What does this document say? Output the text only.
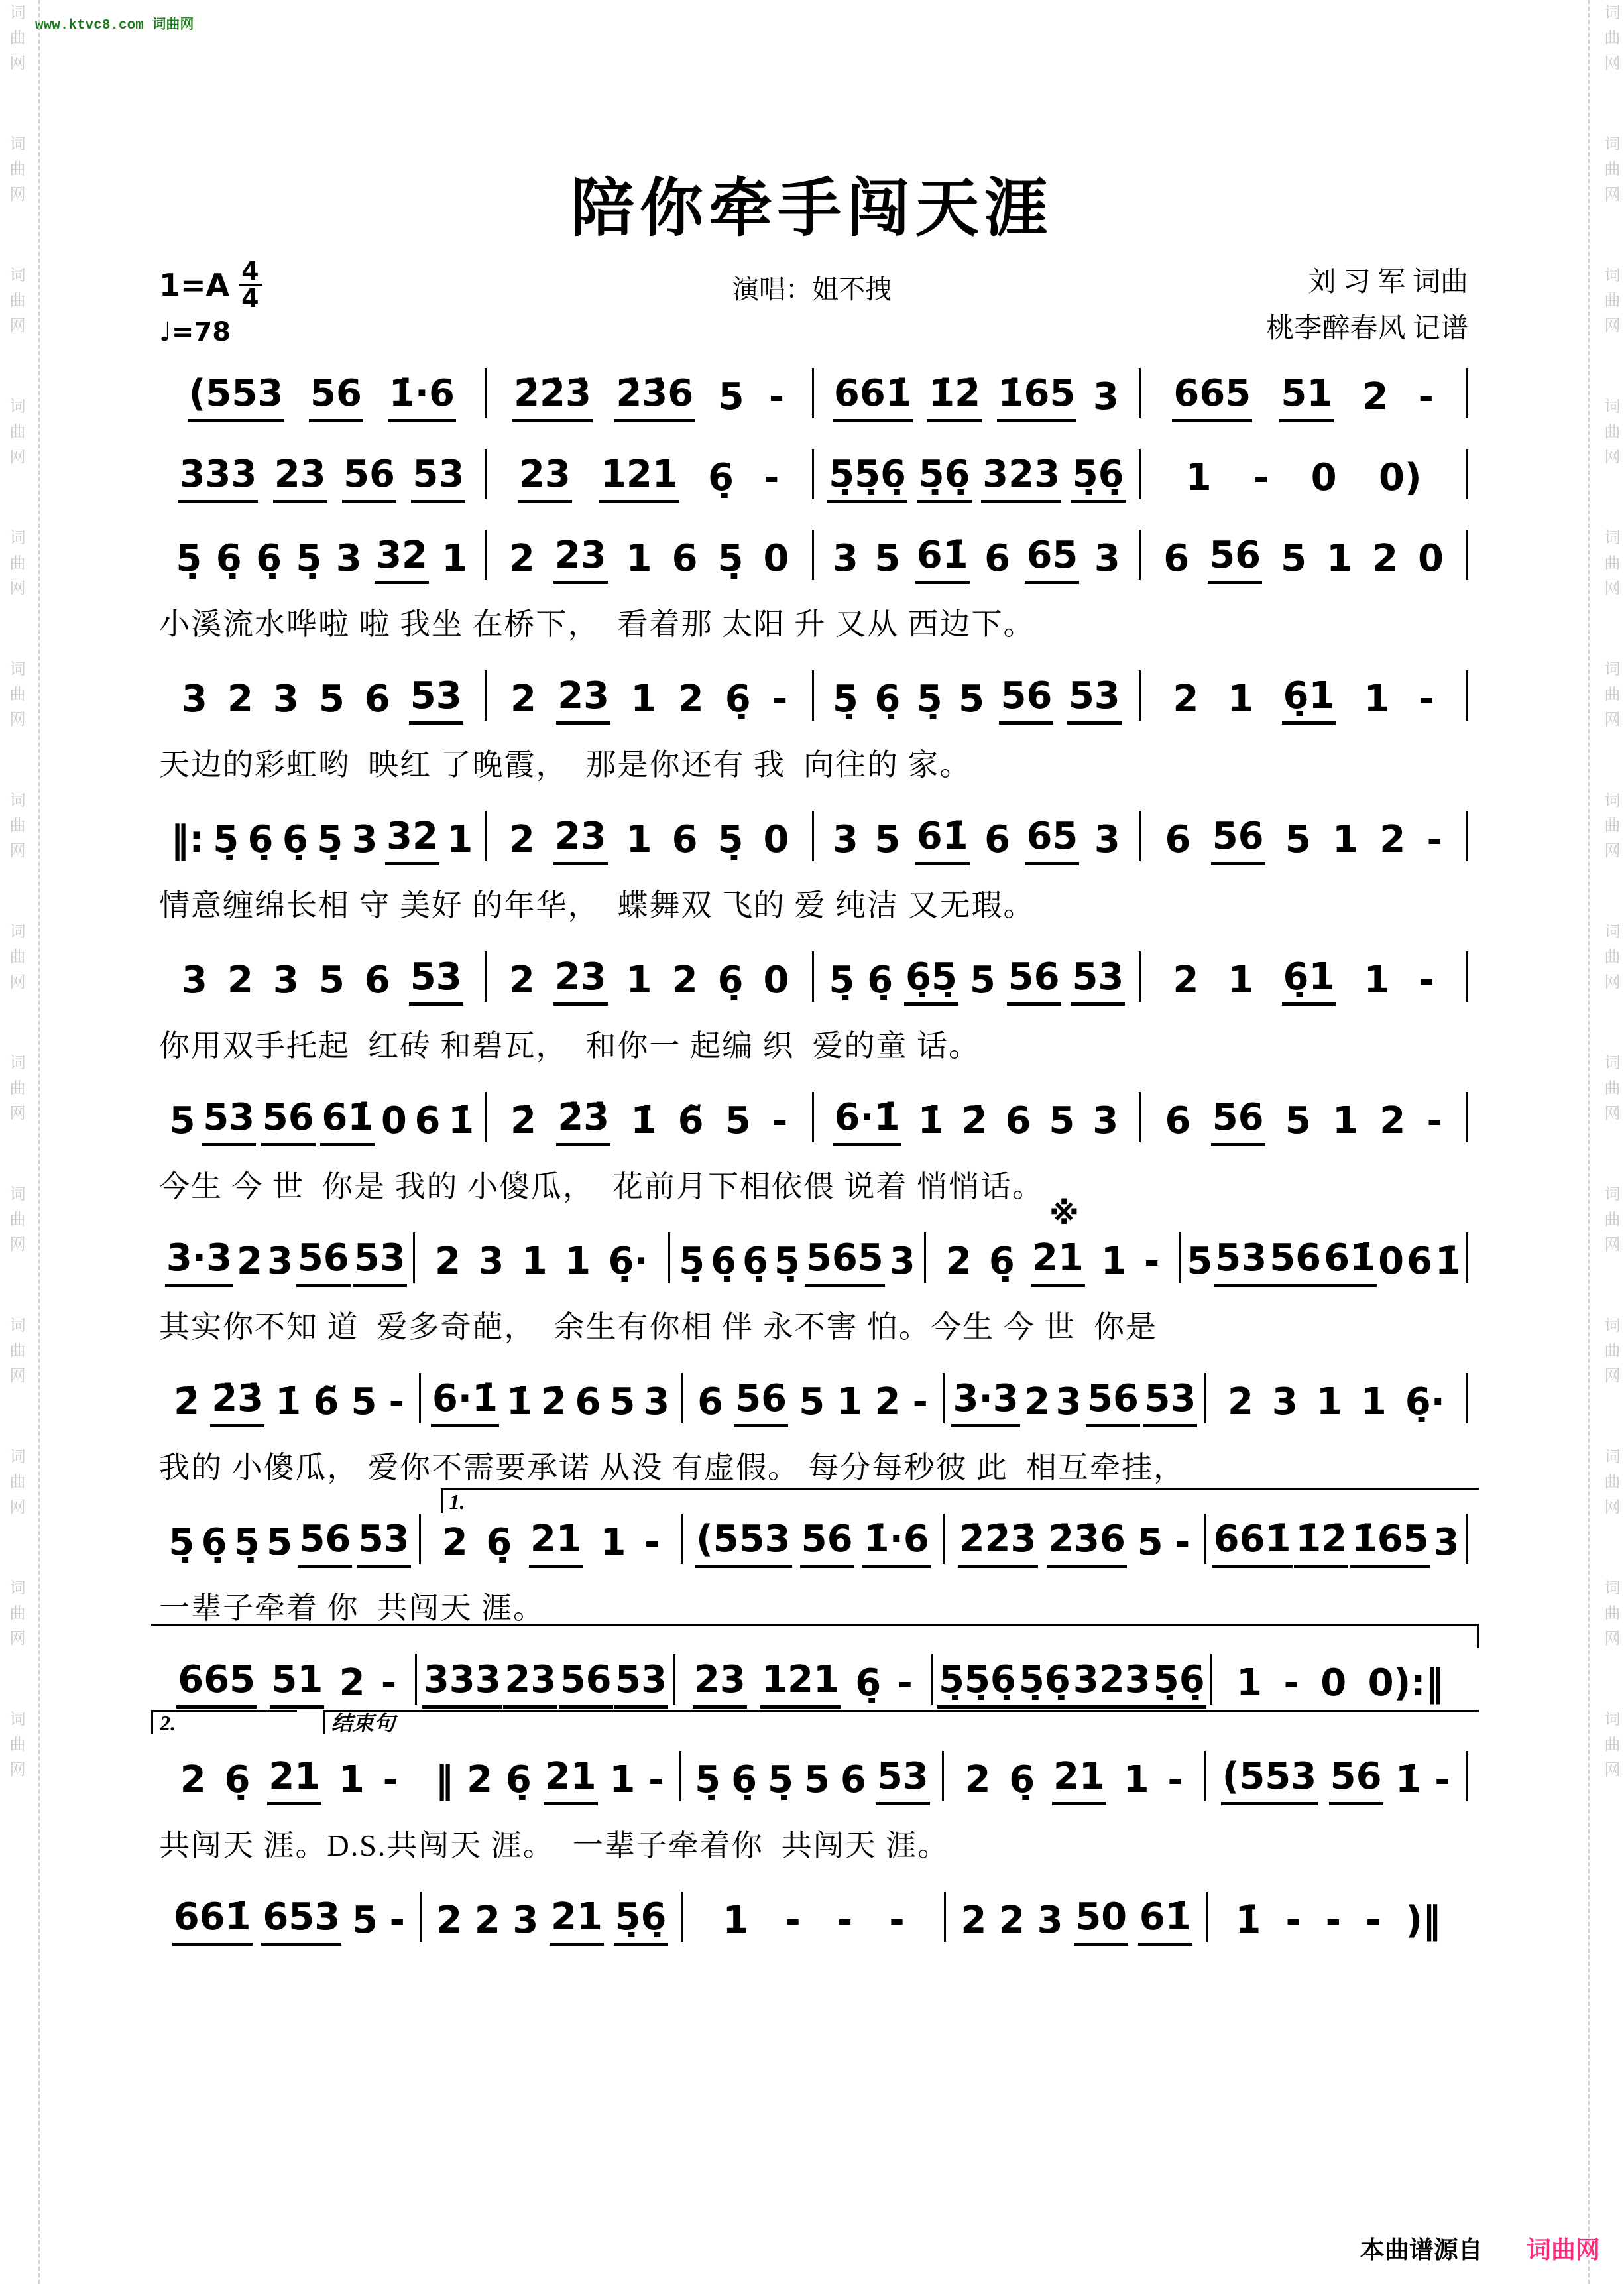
词曲网  词曲网  词曲网  词曲网  词曲网  词曲网  词曲网  词曲网  词曲网  词曲网  词曲网  词曲网  词曲网  词曲网	词曲网  词曲网  词曲网  词曲网  词曲网  词曲网  词曲网  词曲网  词曲网  词曲网  词曲网  词曲网  词曲网  词曲网
www.ktvc8.com 词曲网
陪你牵手闯天涯
演唱：姐不拽	刘 习 军 词曲
桃李醉春风 记谱
$1=A \frac{4}{4}$
♩=78
(553 56 1̇·6 2̇2̇3̇ 2̇3̇6 5 - 661̇ 1̇2̇ 1̇65 3 665 51 2 -
333 23 56 53 23 121 6̣ - 5̣5̣6̣ 5̣6̣ 323 5̣6̣ 1 - 0 0)
5̣ 6̣ 6̣ 5̣ 3 32 1 2 23 1 6 5̣ 0 3 5 61̇ 6 65 3 6 56 5 1 2 0
小溪流水哗啦 啦 我坐 在桥下，  看着那 太阳 升 又从 西边下。
3 2 3 5 6 53 2 23 1 2 6̣ - 5̣ 6̣ 5̣ 5 56 53 2 1 6̣1 1 -
天边的彩虹哟  映红 了晚霞，  那是你还有 我  向往的 家。
‖: 5̣ 6̣ 6̣ 5̣ 3 32 1 2 23 1 6 5̣ 0 3 5 61̇ 6 65 3 6 56 5 1 2 -
情意缠绵长相 守 美好 的年华，  蝶舞双 飞的 爱 纯洁 又无瑕。
3 2 3 5 6 53 2 23 1 2 6̣ 0 5̣ 6̣ 6̣5̣ 5 56 53 2 1 6̣1 1 -
你用双手托起  红砖 和碧瓦，  和你一 起编 织  爱的童 话。
5 53 56 61̇ 0 6 1̇ 2̇ 2̇3̇ 1̇ 6̃ 5 - 6·1̇ 1̇ 2̇ 6 5 3 6 56 5 1 2 -
今生 今 世  你是 我的 小傻瓜，  花前月下相依偎 说着 悄悄话。
※
3·3 2 3 56 53 2 3 1 1 6̣· 5̣ 6̣ 6̣ 5̣ 565 3 2 6̣ 21 1 - 5 53 56 61̇ 0 6 1̇
其实你不知 道  爱多奇葩，  余生有你相 伴 永不害 怕。今生 今 世  你是
2̇ 2̇3̇ 1̇ 6̃ 5 - 6·1̇ 1̇ 2̇ 6 5 3 6 56 5 1 2 - 3·3 2 3 56 53 2 3 1 1 6̣·
我的 小傻瓜， 爱你不需要承诺 从没 有虚假。 每分每秒彼 此  相互牵挂，
1.
5̣ 6̣ 5̣ 5 56 53 2 6̣ 21 1 - (553 56 1̇·6 2̇2̇3̇ 2̇3̇6 5 - 661̇ 1̇2̇ 1̇65 3
一辈子牵着 你  共闯天 涯。
665 51 2 - 333 23 56 53 23 121 6̣ - 5̣5̣6̣ 5̣6̣ 323 5̣6̣ 1 - 0 0):‖
2.	结束句
2 6̣ 21 1 - ‖ 2 6̣ 21 1 - 5̣ 6̣ 5̣ 5 6 53 2 6̣ 21 1 - (553 56 1̇ -
共闯天 涯。D.S.共闯天 涯。  一辈子牵着你  共闯天 涯。
661̇ 653 5 - 2 2 3 21 5̣6̣ 1 - - - 2 2 3 50 61̇ 1̇ - - - )‖
本曲谱源自 词曲网
